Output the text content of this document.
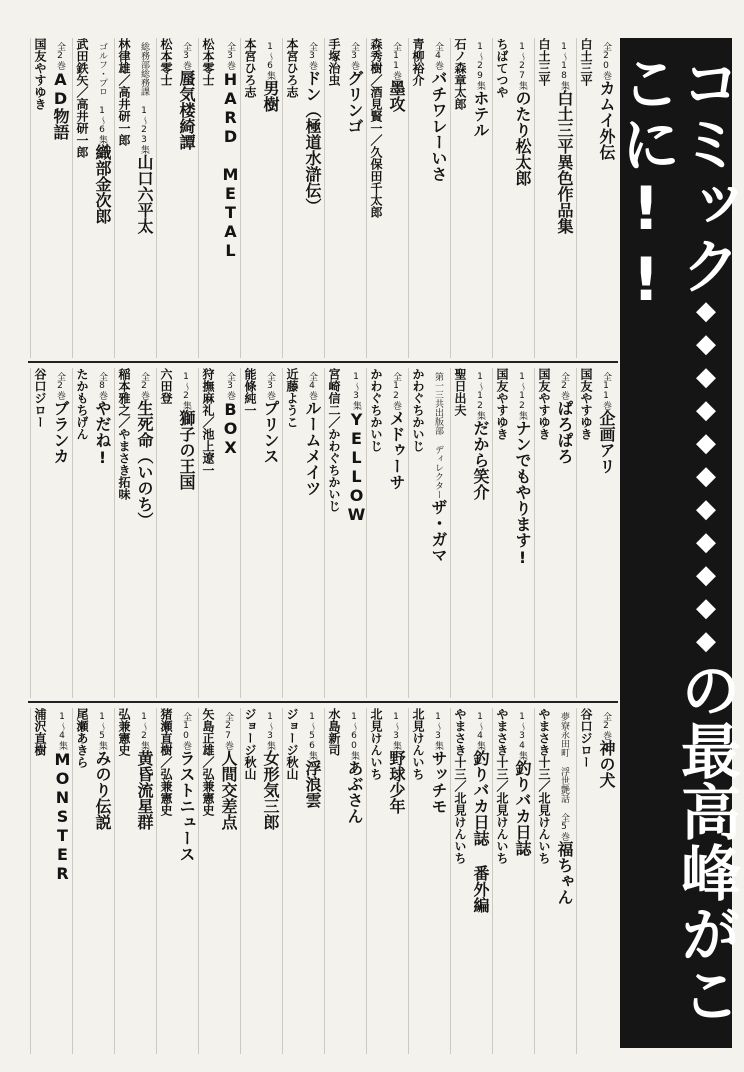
全20巻カムイ外伝
白土三平
1〜18集白土三平異色作品集
白土三平
1〜27集のたり松太郎
ちばてつや
1〜29集ホテル
石ノ森章太郎
全4巻バチワレーいさ
青柳裕介
全11巻墨攻
森秀樹／酒見賢一／久保田千太郎
全3巻グリンゴ
手塚治虫
全3巻ドン（極道水滸伝）
本宮ひろ志
1〜6集男樹
本宮ひろ志
全3巻HARD METAL
松本零士
全3巻蜃気楼綺譚
松本零士
総務部総務課 1〜23集山口六平太
林律雄／高井研一郎
ゴルフ・プロ 1〜6集織部金次郎
武田鉄矢／高井研一郎
全2巻AD物語
国友やすゆき
全11巻企画アリ
国友やすゆき
全2巻ぱろぱろ
国友やすゆき
1〜12集ナンでもやります!
国友やすゆき
1〜12集だから笑介
聖日出夫
第一三共出版部 ディレクターザ・ガマ
かわぐちかいじ
全12巻メドゥーサ
かわぐちかいじ
1〜3集YELLOW
宮崎信二／かわぐちかいじ
全4巻ルームメイツ
近藤ようこ
全3巻プリンス
能條純一
全3巻BOX
狩撫麻礼／池上遼一
1〜2集獅子の王国
六田登
全2巻生死命（いのち）
稲本雅之／やまさき拓味
全8巻やだね!
たかもちげん
全2巻ブランカ
谷口ジロー
全2巻神の犬
谷口ジロー
夢寮永田町 浮世艶話 全5巻福ちゃん
やまさき十三／北見けんいち
1〜34集釣りバカ日誌
やまさき十三／北見けんいち
1〜4集釣りバカ日誌 番外編
やまさき十三／北見けんいち
1〜3集サッチモ
北見けんいち
1〜3集野球少年
北見けんいち
1〜60集あぶさん
水島新司
1〜56集浮浪雲
ジョージ秋山
1〜3集女形気三郎
ジョージ秋山
全27巻人間交差点
矢島正雄／弘兼憲史
全10巻ラストニュース
猪瀬直樹／弘兼憲史
1〜2集黄昏流星群
弘兼憲史
1〜5集みのり伝説
尾瀬あきら
1〜4集MONSTER
浦沢直樹
コミック◆◆◆◆◆◆◆◆◆◆◆の最高峰がここに!!
